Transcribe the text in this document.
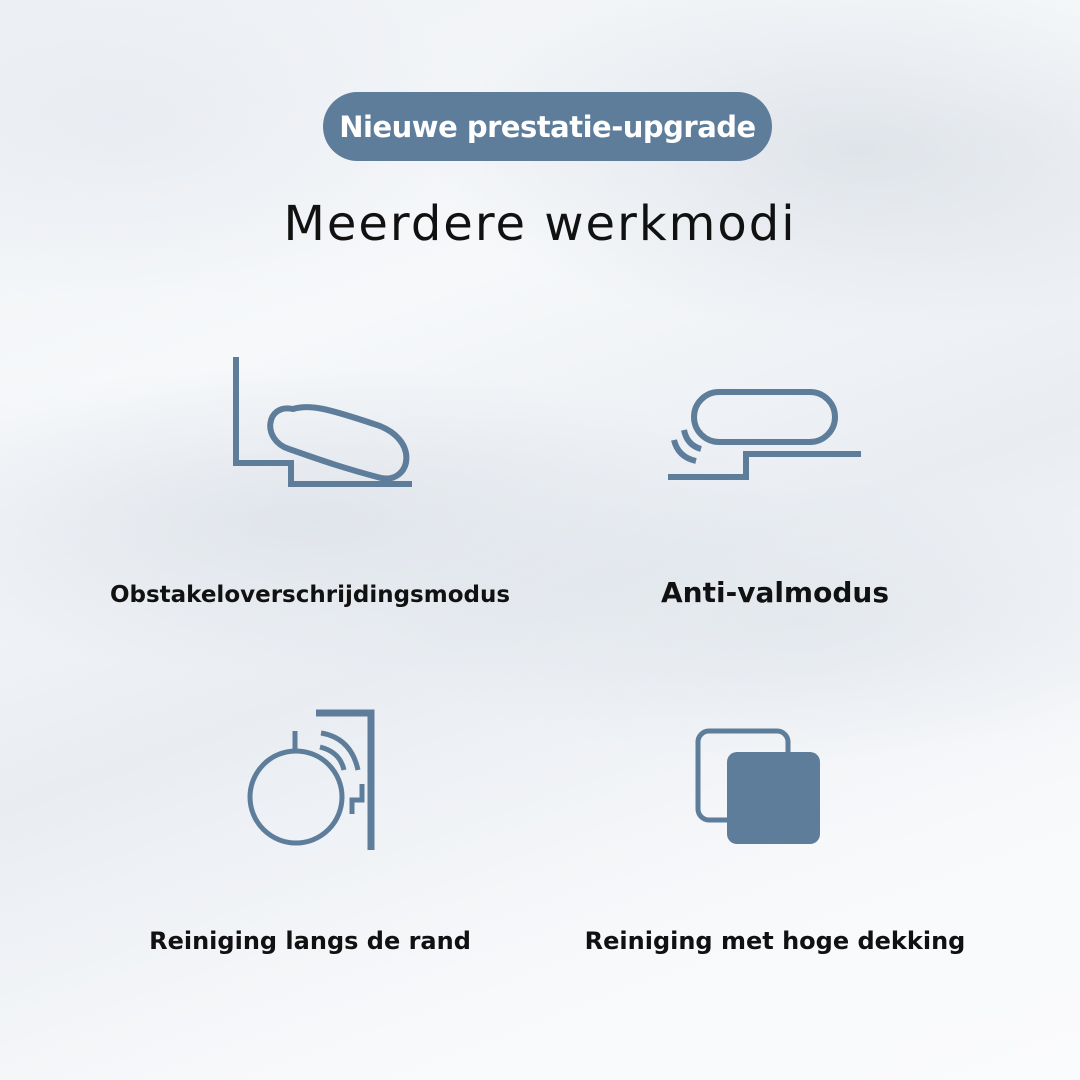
Nieuwe prestatie-upgrade
Meerdere werkmodi
Obstakeloverschrijdingsmodus	Anti-valmodus
Reiniging langs de rand	Reiniging met hoge dekking
